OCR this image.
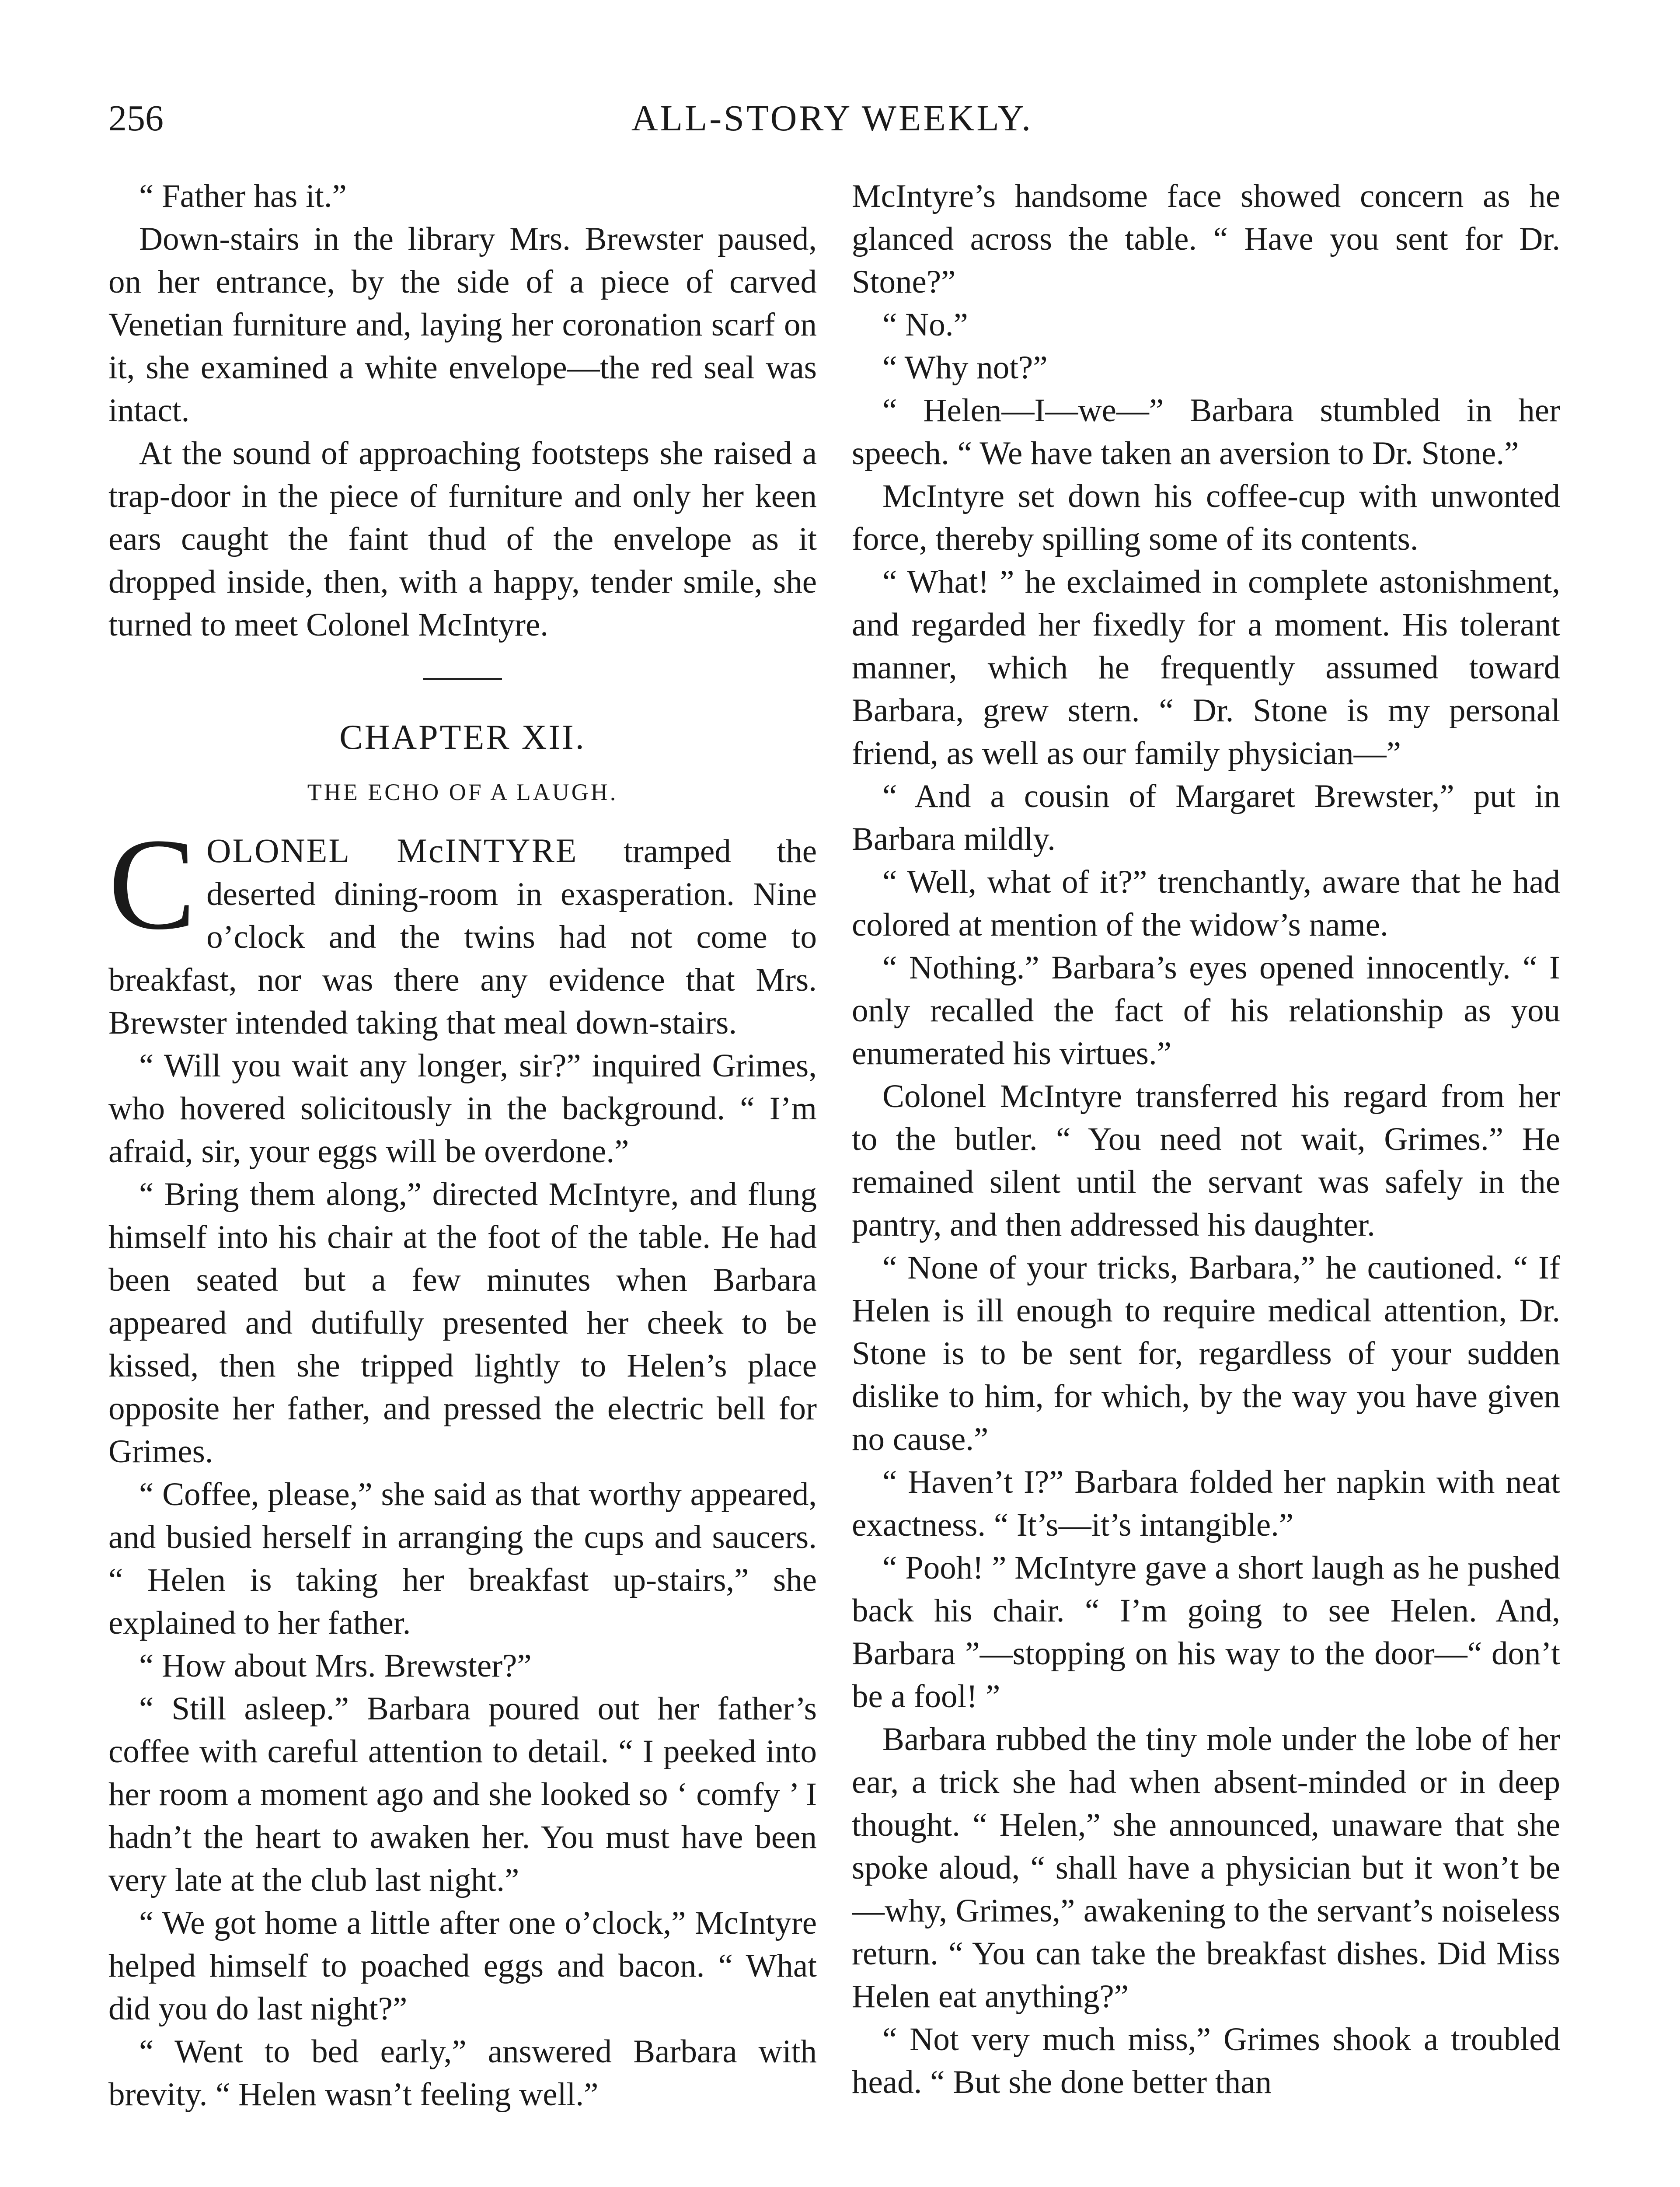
256	ALL-STORY WEEKLY.

“ Father has it.”

Down-stairs in the library Mrs. Brewster paused, on her entrance, by the side of a piece of carved Venetian furniture and, laying her coronation scarf on it, she examined a white envelope—the red seal was intact.

At the sound of approaching footsteps she raised a trap-door in the piece of furniture and only her keen ears caught the faint thud of the envelope as it dropped inside, then, with a happy, tender smile, she turned to meet Colonel McIntyre.

CHAPTER XII.
THE ECHO OF A LAUGH.

COLONEL McINTYRE tramped the deserted dining-room in exasperation. Nine o’clock and the twins had not come to breakfast, nor was there any evidence that Mrs. Brewster intended taking that meal down-stairs.

“ Will you wait any longer, sir?” inquired Grimes, who hovered solicitously in the background. “ I’m afraid, sir, your eggs will be overdone.”

“ Bring them along,” directed McIntyre, and flung himself into his chair at the foot of the table. He had been seated but a few minutes when Barbara appeared and dutifully presented her cheek to be kissed, then she tripped lightly to Helen’s place opposite her father, and pressed the electric bell for Grimes.

“ Coffee, please,” she said as that worthy appeared, and busied herself in arranging the cups and saucers. “ Helen is taking her breakfast up-stairs,” she explained to her father.

“ How about Mrs. Brewster?”

“ Still asleep.” Barbara poured out her father’s coffee with careful attention to detail. “ I peeked into her room a moment ago and she looked so ‘ comfy ’ I hadn’t the heart to awaken her. You must have been very late at the club last night.”

“ We got home a little after one o’clock,” McIntyre helped himself to poached eggs and bacon. “ What did you do last night?”

“ Went to bed early,” answered Barbara with brevity. “ Helen wasn’t feeling well.”

McIntyre’s handsome face showed concern as he glanced across the table. “ Have you sent for Dr. Stone?”

“ No.”

“ Why not?”

“ Helen—I—we—” Barbara stumbled in her speech. “ We have taken an aversion to Dr. Stone.”

McIntyre set down his coffee-cup with unwonted force, thereby spilling some of its contents.

“ What! ” he exclaimed in complete astonishment, and regarded her fixedly for a moment. His tolerant manner, which he frequently assumed toward Barbara, grew stern. “ Dr. Stone is my personal friend, as well as our family physician—”

“ And a cousin of Margaret Brewster,” put in Barbara mildly.

“ Well, what of it?” trenchantly, aware that he had colored at mention of the widow’s name.

“ Nothing.” Barbara’s eyes opened innocently. “ I only recalled the fact of his relationship as you enumerated his virtues.”

Colonel McIntyre transferred his regard from her to the butler. “ You need not wait, Grimes.” He remained silent until the servant was safely in the pantry, and then addressed his daughter.

“ None of your tricks, Barbara,” he cautioned. “ If Helen is ill enough to require medical attention, Dr. Stone is to be sent for, regardless of your sudden dislike to him, for which, by the way you have given no cause.”

“ Haven’t I?” Barbara folded her napkin with neat exactness. “ It’s—it’s intangible.”

“ Pooh! ” McIntyre gave a short laugh as he pushed back his chair. “ I’m going to see Helen. And, Barbara ”—stopping on his way to the door—“ don’t be a fool! ”

Barbara rubbed the tiny mole under the lobe of her ear, a trick she had when absent-minded or in deep thought. “ Helen,” she announced, unaware that she spoke aloud, “ shall have a physician but it won’t be—why, Grimes,” awakening to the servant’s noiseless return. “ You can take the breakfast dishes. Did Miss Helen eat anything?”

“ Not very much miss,” Grimes shook a troubled head. “ But she done better than
